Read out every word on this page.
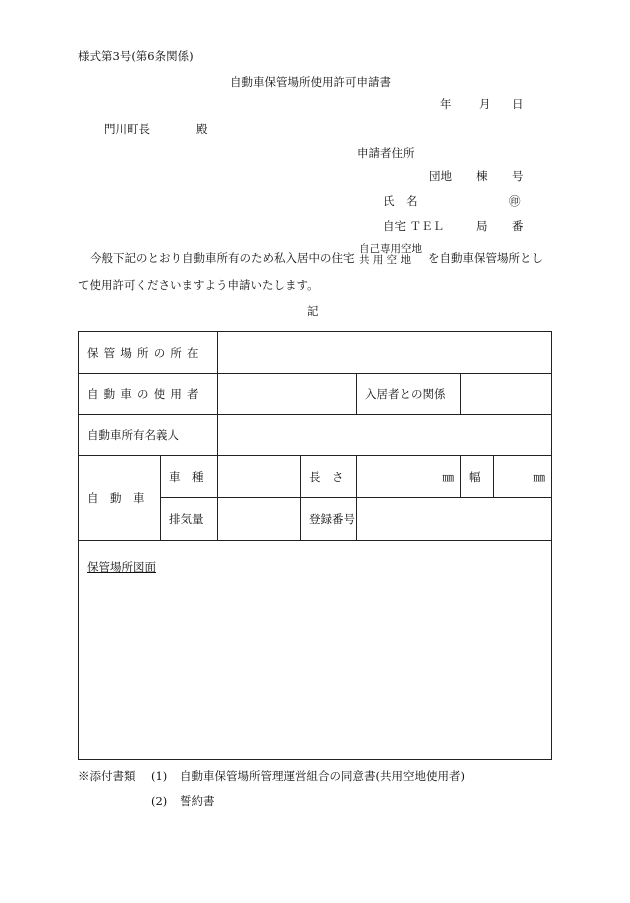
様式第3号(第6条関係)
自動車保管場所使用許可申請書
年 月 日
門川町長	殿
申請者住所
団地 棟 号
氏　名	㊞
自宅 ＴＥＬ	局 番
今般下記のとおり自動車所有のため私入居中の住宅
自己専用空地
共 用 空 地	を自動車保管場所とし
て使用許可くださいますよう申請いたします。
記
保管場所の所在						
自動車の使用者				入居者との関係		
自動車所有名義人						
自　動　車	車　種		長　さ	㎜	幅	㎜
	排気量		登録番号			
保管場所図面						
※添付書類 (1) 自動車保管場所管理運営組合の同意書(共用空地使用者)
(2) 誓約書
